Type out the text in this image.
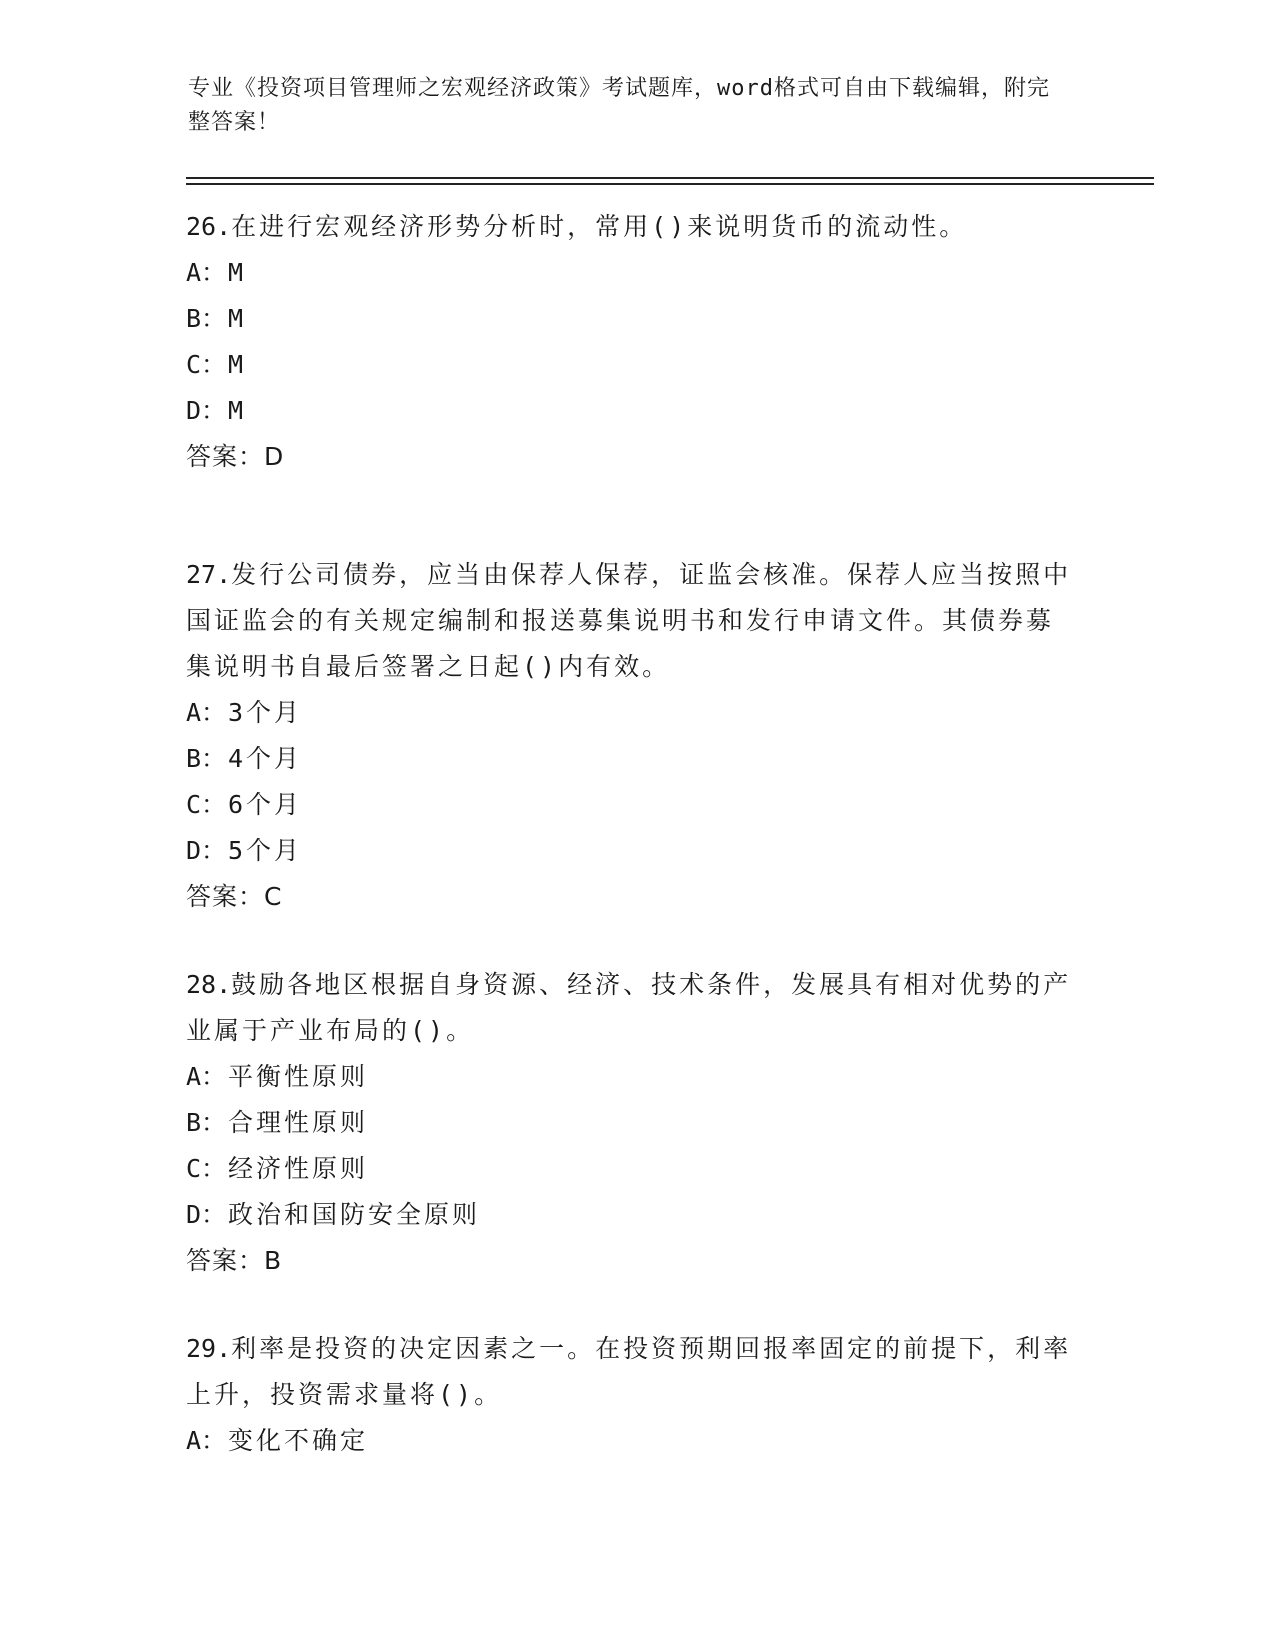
专业《投资项目管理师之宏观经济政策》考试题库，word格式可自由下载编辑，附完整答案！

26.在进行宏观经济形势分析时，常用()来说明货币的流动性。

A：M

B：M

C：M

D：M

答案：D

27.发行公司债券，应当由保荐人保荐，证监会核准。保荐人应当按照中国证监会的有关规定编制和报送募集说明书和发行申请文件。其债券募集说明书自最后签署之日起()内有效。

A：3个月

B：4个月

C：6个月

D：5个月

答案：C

28.鼓励各地区根据自身资源、经济、技术条件，发展具有相对优势的产业属于产业布局的()。

A：平衡性原则

B：合理性原则

C：经济性原则

D：政治和国防安全原则

答案：B

29.利率是投资的决定因素之一。在投资预期回报率固定的前提下，利率上升，投资需求量将()。

A：变化不确定
